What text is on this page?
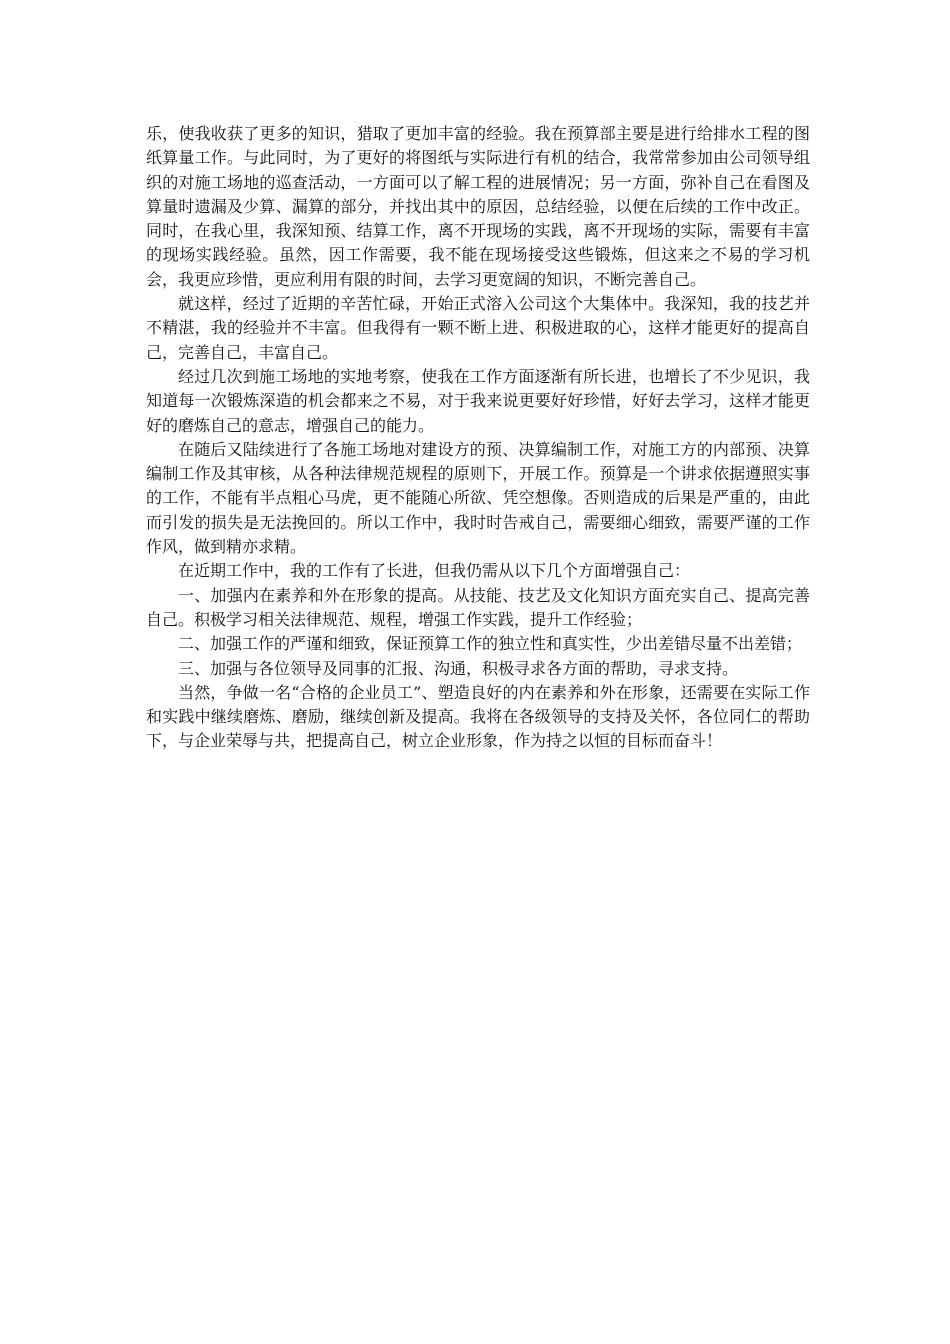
乐，使我收获了更多的知识，猎取了更加丰富的经验。我在预算部主要是进行给排水工程的图纸算量工作。与此同时，为了更好的将图纸与实际进行有机的结合，我常常参加由公司领导组织的对施工场地的巡查活动，一方面可以了解工程的进展情况；另一方面，弥补自己在看图及算量时遗漏及少算、漏算的部分，并找出其中的原因，总结经验，以便在后续的工作中改正。同时，在我心里，我深知预、结算工作，离不开现场的实践，离不开现场的实际，需要有丰富的现场实践经验。虽然，因工作需要，我不能在现场接受这些锻炼，但这来之不易的学习机会，我更应珍惜，更应利用有限的时间，去学习更宽阔的知识，不断完善自己。

就这样，经过了近期的辛苦忙碌，开始正式溶入公司这个大集体中。我深知，我的技艺并不精湛，我的经验并不丰富。但我得有一颗不断上进、积极进取的心，这样才能更好的提高自己，完善自己，丰富自己。

经过几次到施工场地的实地考察，使我在工作方面逐渐有所长进，也增长了不少见识，我知道每一次锻炼深造的机会都来之不易，对于我来说更要好好珍惜，好好去学习，这样才能更好的磨炼自己的意志，增强自己的能力。

在随后又陆续进行了各施工场地对建设方的预、决算编制工作，对施工方的内部预、决算编制工作及其审核，从各种法律规范规程的原则下，开展工作。预算是一个讲求依据遵照实事的工作，不能有半点粗心马虎，更不能随心所欲、凭空想像。否则造成的后果是严重的，由此而引发的损失是无法挽回的。所以工作中，我时时告戒自己，需要细心细致，需要严谨的工作作风，做到精亦求精。

在近期工作中，我的工作有了长进，但我仍需从以下几个方面增强自己：

一、加强内在素养和外在形象的提高。从技能、技艺及文化知识方面充实自己、提高完善自己。积极学习相关法律规范、规程，增强工作实践，提升工作经验；

二、加强工作的严谨和细致，保证预算工作的独立性和真实性，少出差错尽量不出差错；

三、加强与各位领导及同事的汇报、沟通，积极寻求各方面的帮助，寻求支持。

当然，争做一名“合格的企业员工”、塑造良好的内在素养和外在形象，还需要在实际工作和实践中继续磨炼、磨励，继续创新及提高。我将在各级领导的支持及关怀，各位同仁的帮助下，与企业荣辱与共，把提高自己，树立企业形象，作为持之以恒的目标而奋斗！
